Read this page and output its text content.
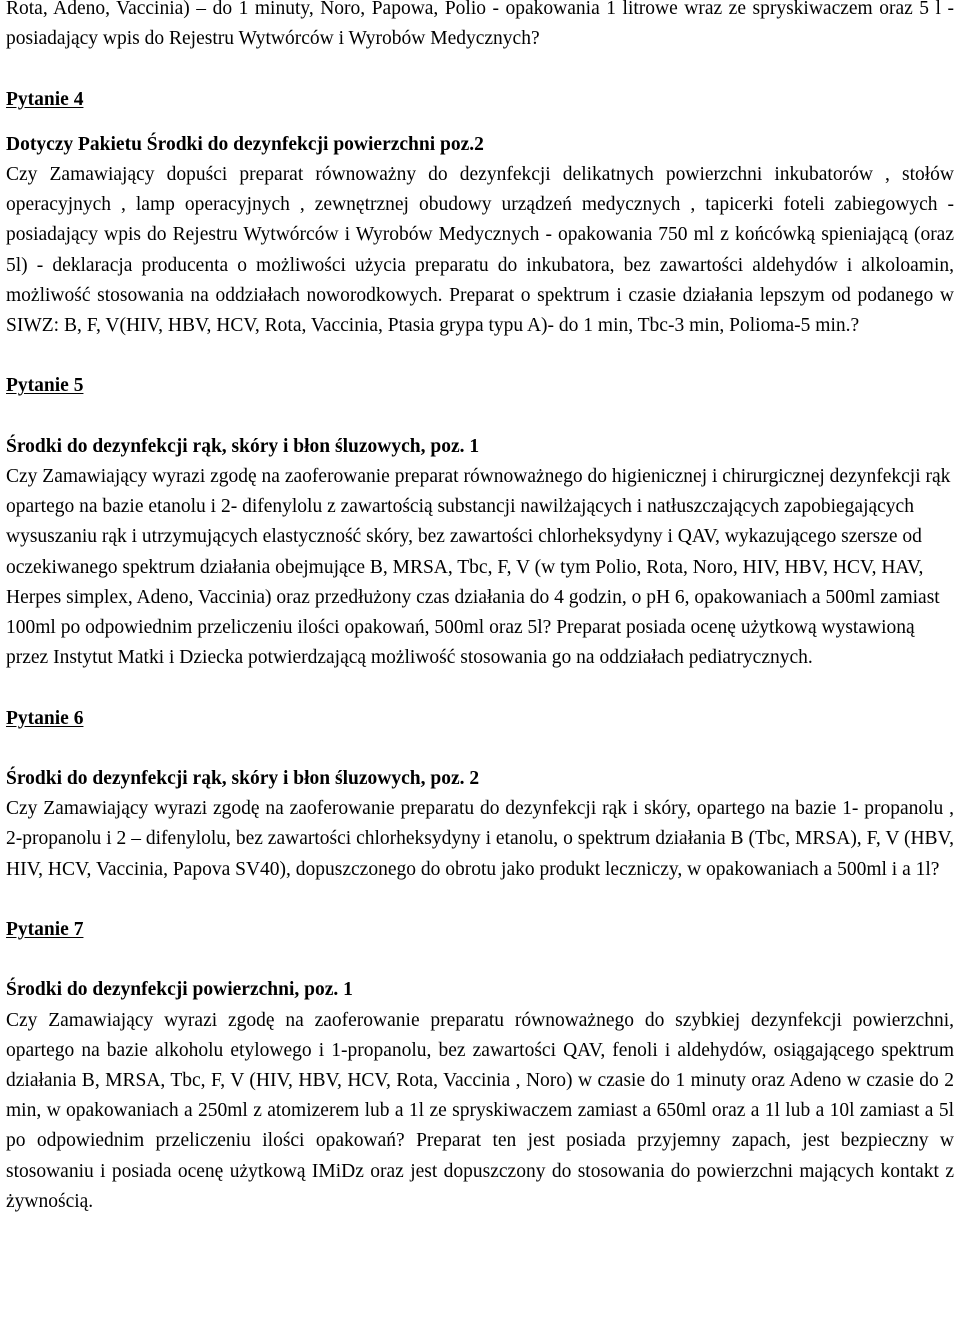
Rota, Adeno, Vaccinia) – do 1 minuty, Noro, Papowa, Polio - opakowania 1 litrowe wraz ze spryskiwaczem oraz 5 l - posiadający wpis do Rejestru Wytwórców i Wyrobów Medycznych?

Pytanie 4

Dotyczy Pakietu Środki do dezynfekcji powierzchni poz.2

Czy Zamawiający dopuści preparat równoważny do dezynfekcji delikatnych powierzchni inkubatorów , stołów operacyjnych , lamp operacyjnych , zewnętrznej obudowy urządzeń medycznych , tapicerki foteli zabiegowych - posiadający wpis do Rejestru Wytwórców i Wyrobów Medycznych - opakowania 750 ml z końcówką spieniającą (oraz 5l) - deklaracja producenta o możliwości użycia preparatu do inkubatora, bez zawartości aldehydów i alkoloamin, możliwość stosowania na oddziałach noworodkowych. Preparat o spektrum i czasie działania lepszym od podanego w SIWZ: B, F, V(HIV, HBV, HCV, Rota, Vaccinia, Ptasia grypa typu A)- do 1 min, Tbc-3 min, Polioma-5 min.?

Pytanie 5

Środki do dezynfekcji rąk, skóry i błon śluzowych, poz. 1

Czy Zamawiający wyrazi zgodę na zaoferowanie preparat równoważnego do higienicznej i chirurgicznej dezynfekcji rąk opartego na bazie etanolu i 2- difenylolu z zawartością substancji nawilżających i natłuszczających zapobiegających wysuszaniu rąk i utrzymujących elastyczność skóry, bez zawartości chlorheksydyny i QAV, wykazującego szersze od oczekiwanego spektrum działania obejmujące B, MRSA, Tbc, F, V (w tym Polio, Rota, Noro, HIV, HBV, HCV, HAV, Herpes simplex, Adeno, Vaccinia) oraz przedłużony czas działania do 4 godzin, o pH 6, opakowaniach a 500ml zamiast 100ml po odpowiednim przeliczeniu ilości opakowań, 500ml oraz 5l? Preparat posiada ocenę użytkową wystawioną przez Instytut Matki i Dziecka potwierdzającą możliwość stosowania go na oddziałach pediatrycznych.

Pytanie 6

Środki do dezynfekcji rąk, skóry i błon śluzowych, poz. 2

Czy Zamawiający wyrazi zgodę na zaoferowanie preparatu do dezynfekcji rąk i skóry, opartego na bazie 1- propanolu , 2-propanolu i 2 – difenylolu, bez zawartości chlorheksydyny i etanolu, o spektrum działania B (Tbc, MRSA), F, V (HBV, HIV, HCV, Vaccinia, Papova SV40), dopuszczonego do obrotu jako produkt leczniczy, w opakowaniach a 500ml i a 1l?

Pytanie 7

Środki do dezynfekcji powierzchni, poz. 1

Czy Zamawiający wyrazi zgodę na zaoferowanie preparatu równoważnego do szybkiej dezynfekcji powierzchni, opartego na bazie alkoholu etylowego i 1-propanolu, bez zawartości QAV, fenoli i aldehydów, osiągającego spektrum działania B, MRSA, Tbc, F, V (HIV, HBV, HCV, Rota, Vaccinia , Noro) w czasie do 1 minuty oraz Adeno w czasie do 2 min, w opakowaniach a 250ml z atomizerem lub a 1l ze spryskiwaczem zamiast a 650ml oraz a 1l lub a 10l zamiast a 5l po odpowiednim przeliczeniu ilości opakowań? Preparat ten jest posiada przyjemny zapach, jest bezpieczny w stosowaniu i posiada ocenę użytkową IMiDz oraz jest dopuszczony do stosowania do powierzchni mających kontakt z żywnością.
